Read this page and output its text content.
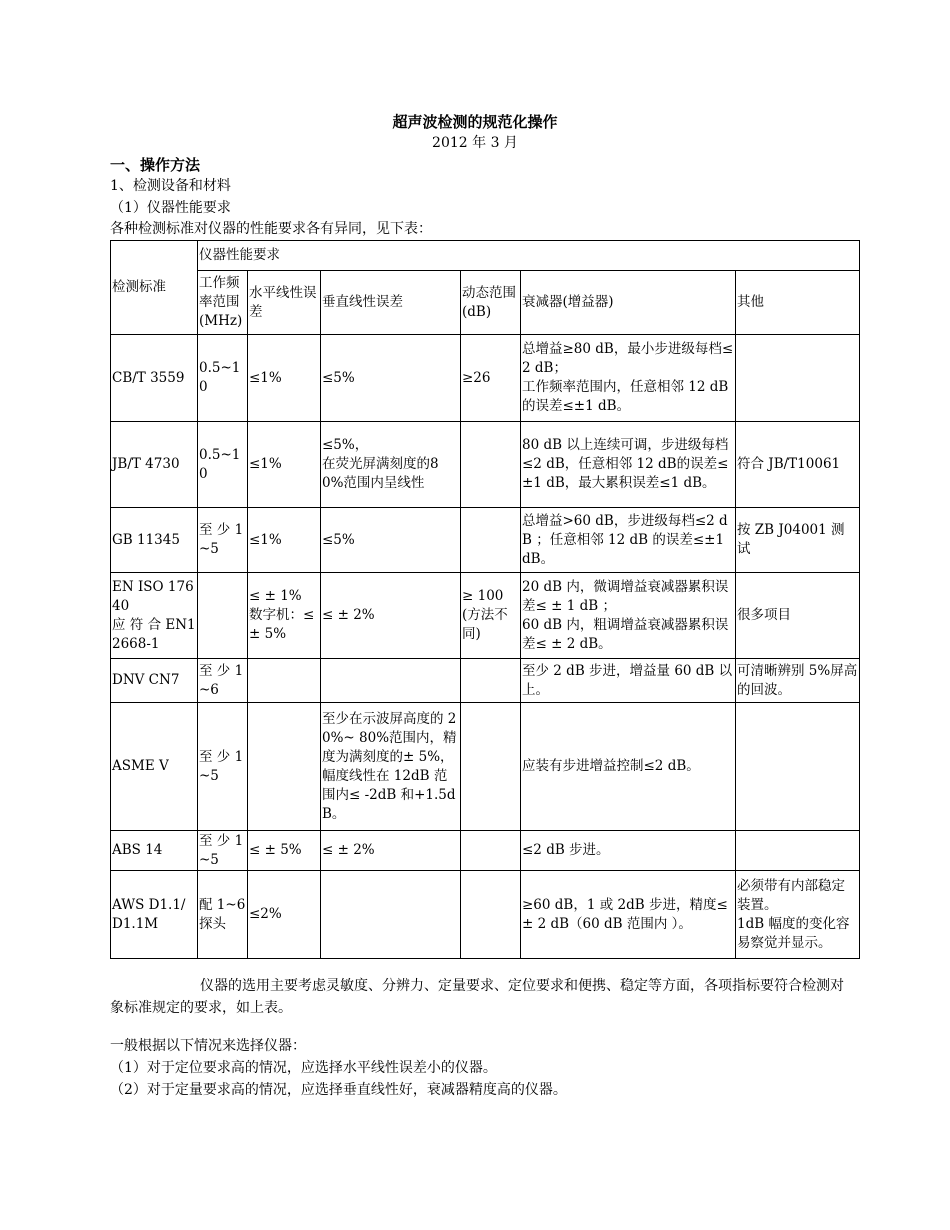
超声波检测的规范化操作
2012 年 3 月
一、操作方法
1、检测设备和材料
（1）仪器性能要求
各种检测标准对仪器的性能要求各有异同，见下表：
检测标准	仪器性能要求					
	工作频率范围(MHz)	水平线性误差	垂直线性误差	动态范围(dB)	衰减器(增益器)	其他

CB/T 3559	0.5~10	≤1%	≤5%	≥26	总增益≥80 dB，最小步进级每档≤2 dB；
工作频率范围内，任意相邻 12 dB 的误差≤±1 dB。	

JB/T 4730	0.5~10	≤1%	≤5%，
在荧光屏满刻度的80%范围内呈线性		80 dB 以上连续可调，步进级每档≤2 dB，任意相邻 12 dB的误差≤±1 dB，最大累积误差≤1 dB。	符合 JB/T10061

GB 11345	至 少 1~5	≤1%	≤5%		总增益>60 dB，步进级每档≤2 dB ；任意相邻 12 dB 的误差≤±1 dB。	按 ZB J04001 测试

EN ISO 17640
应 符 合 EN12668-1		≤ ± 1%
数字机：≤ ± 5%	≤ ± 2%	≥ 100 (方法不同)	20 dB 内，微调增益衰减器累积误差≤ ± 1 dB ；
60 dB 内，粗调增益衰减器累积误差≤ ± 2 dB。	很多项目

DNV CN7	至 少 1~6				至少 2 dB 步进，增益量 60 dB 以上。	可清晰辨别 5%屏高的回波。

ASME V	至 少 1~5		至少在示波屏高度的 20%~ 80%范围内，精度为满刻度的± 5%，幅度线性在 12dB 范围内≤ -2dB 和+1.5dB。		应装有步进增益控制≤2 dB。	

ABS 14	至 少 1~5	≤ ± 5%	≤ ± 2%		≤2 dB 步进。	

AWS D1.1/D1.1M	配 1~6 探头	≤2%			≥60 dB，1 或 2dB 步进，精度≤ ± 2 dB（60 dB 范围内 ）。	必须带有内部稳定装置。
1dB 幅度的变化容易察觉并显示。
仪器的选用主要考虑灵敏度、分辨力、定量要求、定位要求和便携、稳定等方面，各项指标要符合检测对象标准规定的要求，如上表。
一般根据以下情况来选择仪器：
（1）对于定位要求高的情况，应选择水平线性误差小的仪器。
（2）对于定量要求高的情况，应选择垂直线性好，衰减器精度高的仪器。
